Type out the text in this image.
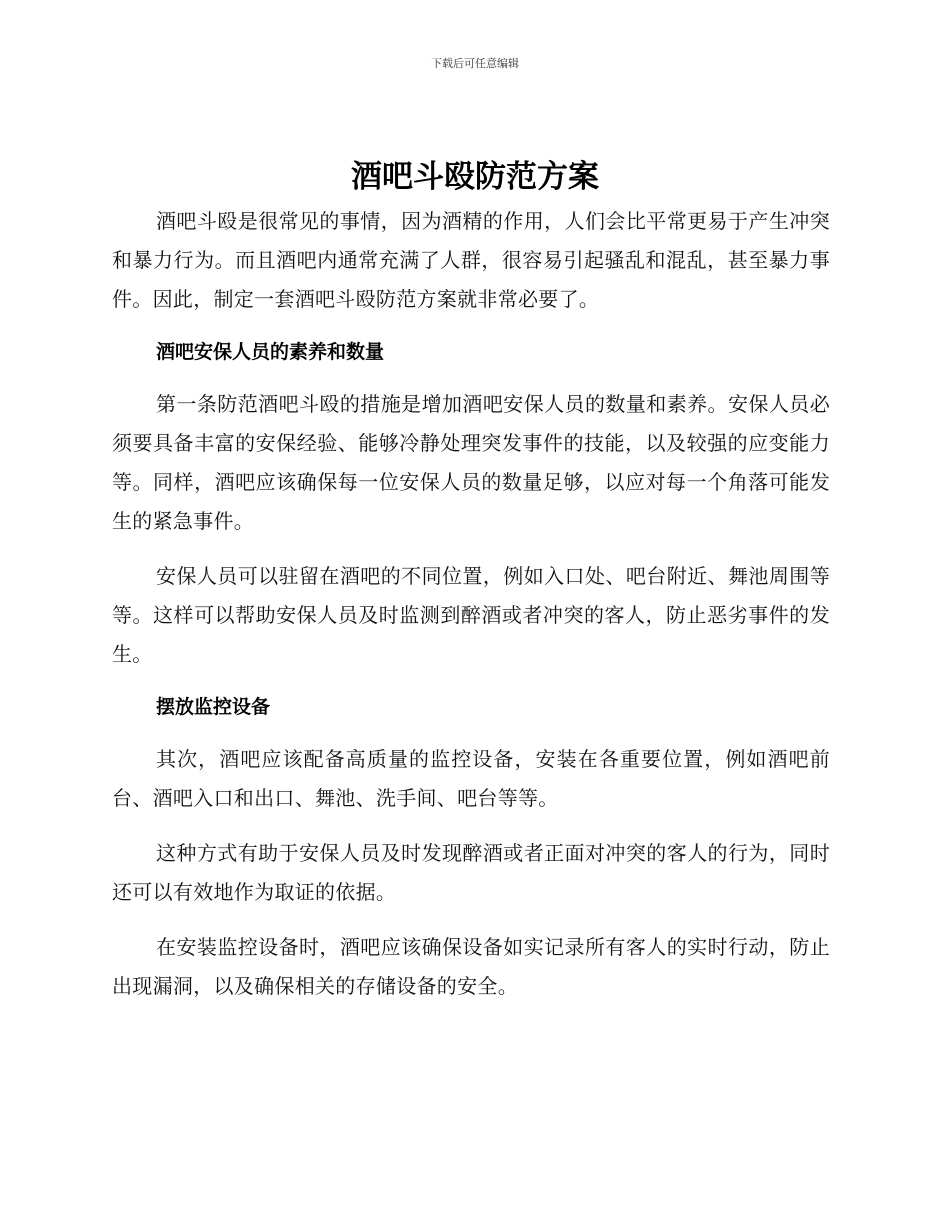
下载后可任意编辑
酒吧斗殴防范方案

酒吧斗殴是很常见的事情，因为酒精的作用，人们会比平常更易于产生冲突和暴力行为。而且酒吧内通常充满了人群，很容易引起骚乱和混乱，甚至暴力事件。因此，制定一套酒吧斗殴防范方案就非常必要了。

酒吧安保人员的素养和数量

第一条防范酒吧斗殴的措施是增加酒吧安保人员的数量和素养。安保人员必须要具备丰富的安保经验、能够冷静处理突发事件的技能，以及较强的应变能力等。同样，酒吧应该确保每一位安保人员的数量足够，以应对每一个角落可能发生的紧急事件。

安保人员可以驻留在酒吧的不同位置，例如入口处、吧台附近、舞池周围等等。这样可以帮助安保人员及时监测到醉酒或者冲突的客人，防止恶劣事件的发生。

摆放监控设备

其次，酒吧应该配备高质量的监控设备，安装在各重要位置，例如酒吧前台、酒吧入口和出口、舞池、洗手间、吧台等等。

这种方式有助于安保人员及时发现醉酒或者正面对冲突的客人的行为，同时还可以有效地作为取证的依据。

在安装监控设备时，酒吧应该确保设备如实记录所有客人的实时行动，防止出现漏洞，以及确保相关的存储设备的安全。
